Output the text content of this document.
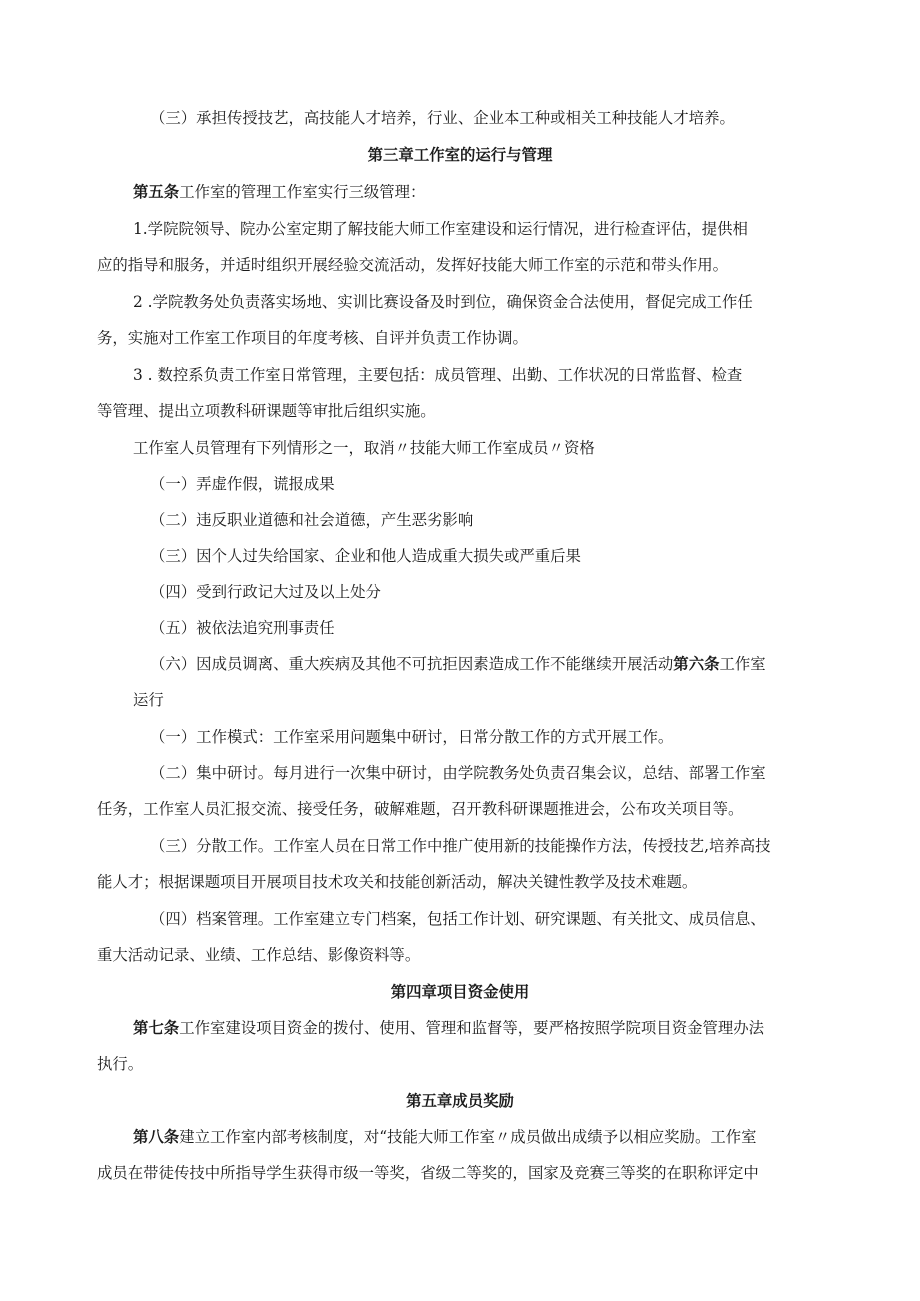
（三）承担传授技艺，高技能人才培养，行业、企业本工种或相关工种技能人才培养。
第三章工作室的运行与管理
第五条工作室的管理工作室实行三级管理：
1.学院院领导、院办公室定期了解技能大师工作室建设和运行情况，进行检查评估，提供相
应的指导和服务，并适时组织开展经验交流活动，发挥好技能大师工作室的示范和带头作用。
2 .学院教务处负责落实场地、实训比赛设备及时到位，确保资金合法使用，督促完成工作任
务，实施对工作室工作项目的年度考核、自评并负责工作协调。
3 . 数控系负责工作室日常管理，主要包括：成员管理、出勤、工作状况的日常监督、检查
等管理、提出立项教科研课题等审批后组织实施。
工作室人员管理有下列情形之一，取消〃技能大师工作室成员〃资格
（一）弄虚作假，谎报成果
（二）违反职业道德和社会道德，产生恶劣影响
（三）因个人过失给国家、企业和他人造成重大损失或严重后果
（四）受到行政记大过及以上处分
（五）被依法追究刑事责任
（六）因成员调离、重大疾病及其他不可抗拒因素造成工作不能继续开展活动第六条工作室
运行
（一）工作模式：工作室采用问题集中研讨，日常分散工作的方式开展工作。
（二）集中研讨。每月进行一次集中研讨，由学院教务处负责召集会议，总结、部署工作室
任务，工作室人员汇报交流、接受任务，破解难题，召开教科研课题推进会，公布攻关项目等。
（三）分散工作。工作室人员在日常工作中推广使用新的技能操作方法，传授技艺,培养高技
能人才；根据课题项目开展项目技术攻关和技能创新活动，解决关键性教学及技术难题。
（四）档案管理。工作室建立专门档案，包括工作计划、研究课题、有关批文、成员信息、
重大活动记录、业绩、工作总结、影像资料等。
第四章项目资金使用
第七条工作室建设项目资金的拨付、使用、管理和监督等，要严格按照学院项目资金管理办法
执行。
第五章成员奖励
第八条建立工作室内部考核制度，对“技能大师工作室〃成员做出成绩予以相应奖励。工作室
成员在带徒传技中所指导学生获得市级一等奖，省级二等奖的，国家及竞赛三等奖的在职称评定中
